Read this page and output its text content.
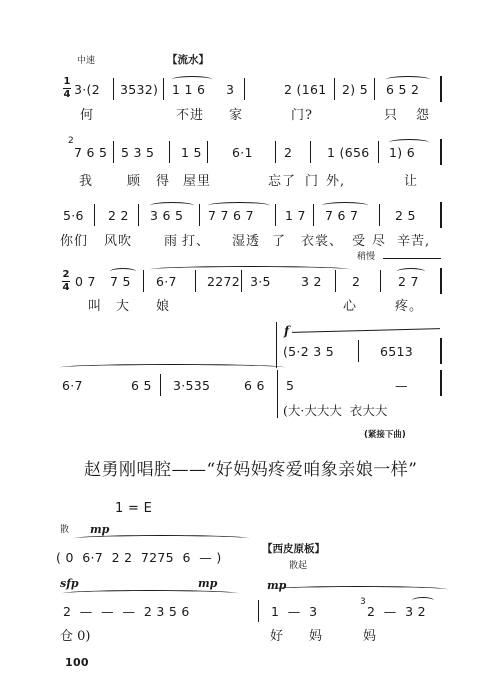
中速	【流水】
1
4 3·(2 3532) 1 1 6 3	2 (161 2) 5 6 5 2
何	不进 家	门?	只 怨
2
7 6 5 5 3 5 1 5 6·1 2	1 (656 1) 6
我	顾 得 屋里	忘了 门 外,	让
5·6 2 2 3 6 5 7 7 6 7 1 7 7 6 7	2 5
你们 风吹 雨 打、 湿透 了 衣裳、 受 尽 辛苦,
稍慢
2
4 0 7 7 5 6·7 2272 3·5 3 2 2	2 7
叫 大 娘	心	疼。
f
(5·2 3 5	6513
6·7	6 5 3·535	6 6 5	—
(大·大大大  衣大大
(紧接下曲)
赵勇刚唱腔——“好妈妈疼爱咱象亲娘一样”
1 = E
散 mp
【西皮原板】
散起
( 0  6·7  2 2  7275  6  — )
sfp	mp	mp
2  —  —  —  2 3 5 6	1  —  3
3
2  —  3 2
仓 0)	好 妈	妈
100
